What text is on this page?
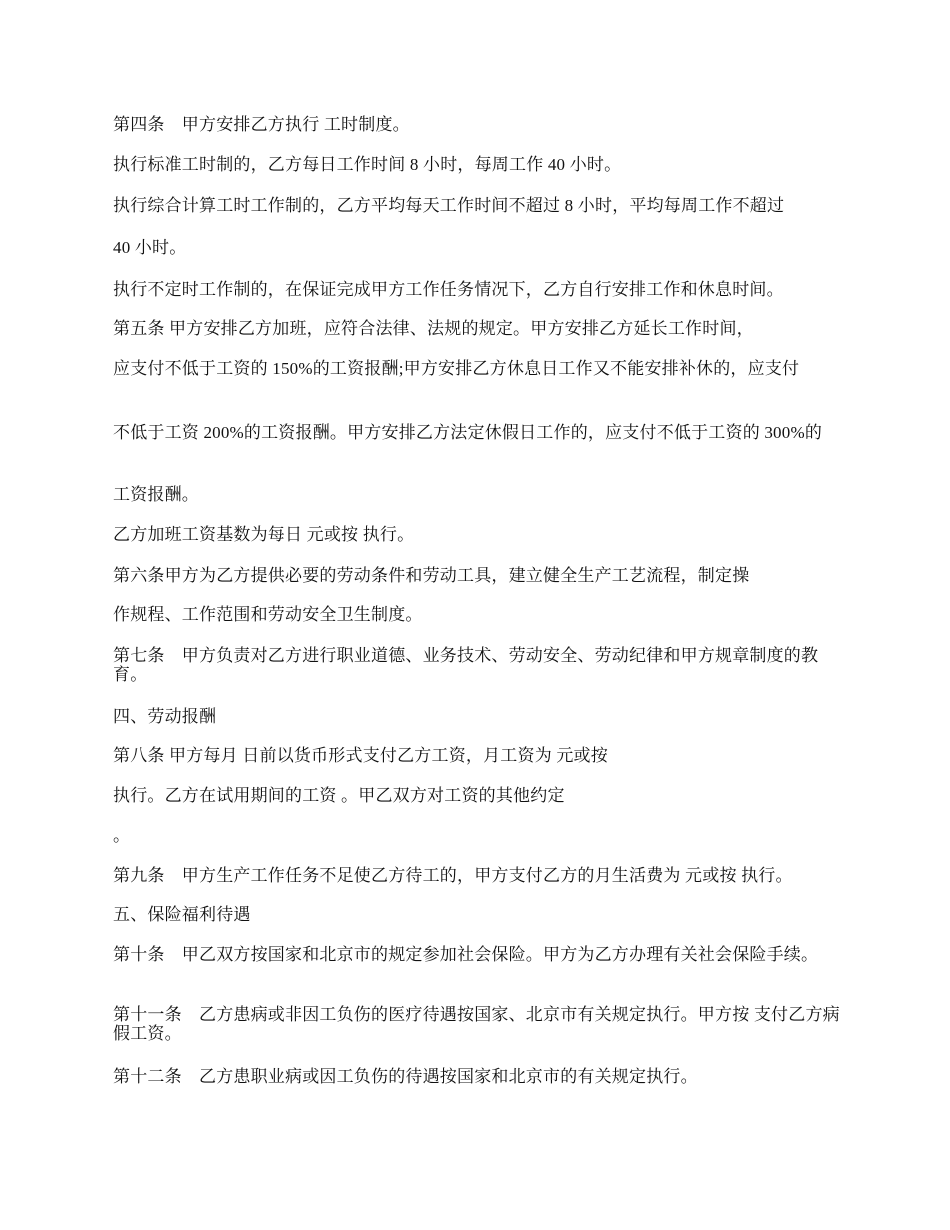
第四条　甲方安排乙方执行 工时制度。

执行标准工时制的，乙方每日工作时间 8 小时，每周工作 40 小时。

执行综合计算工时工作制的，乙方平均每天工作时间不超过 8 小时，平均每周工作不超过

40 小时。

执行不定时工作制的，在保证完成甲方工作任务情况下，乙方自行安排工作和休息时间。

第五条 甲方安排乙方加班，应符合法律、法规的规定。甲方安排乙方延长工作时间，

应支付不低于工资的 150%的工资报酬;甲方安排乙方休息日工作又不能安排补休的，应支付

不低于工资 200%的工资报酬。甲方安排乙方法定休假日工作的，应支付不低于工资的 300%的

工资报酬。

乙方加班工资基数为每日 元或按 执行。

第六条甲方为乙方提供必要的劳动条件和劳动工具，建立健全生产工艺流程，制定操

作规程、工作范围和劳动安全卫生制度。

第七条　甲方负责对乙方进行职业道德、业务技术、劳动安全、劳动纪律和甲方规章制度的教育。

四、劳动报酬

第八条 甲方每月 日前以货币形式支付乙方工资，月工资为 元或按

执行。乙方在试用期间的工资 。甲乙双方对工资的其他约定

。

第九条　甲方生产工作任务不足使乙方待工的，甲方支付乙方的月生活费为 元或按 执行。

五、保险福利待遇

第十条　甲乙双方按国家和北京市的规定参加社会保险。甲方为乙方办理有关社会保险手续。

第十一条　乙方患病或非因工负伤的医疗待遇按国家、北京市有关规定执行。甲方按 支付乙方病假工资。

第十二条　乙方患职业病或因工负伤的待遇按国家和北京市的有关规定执行。
